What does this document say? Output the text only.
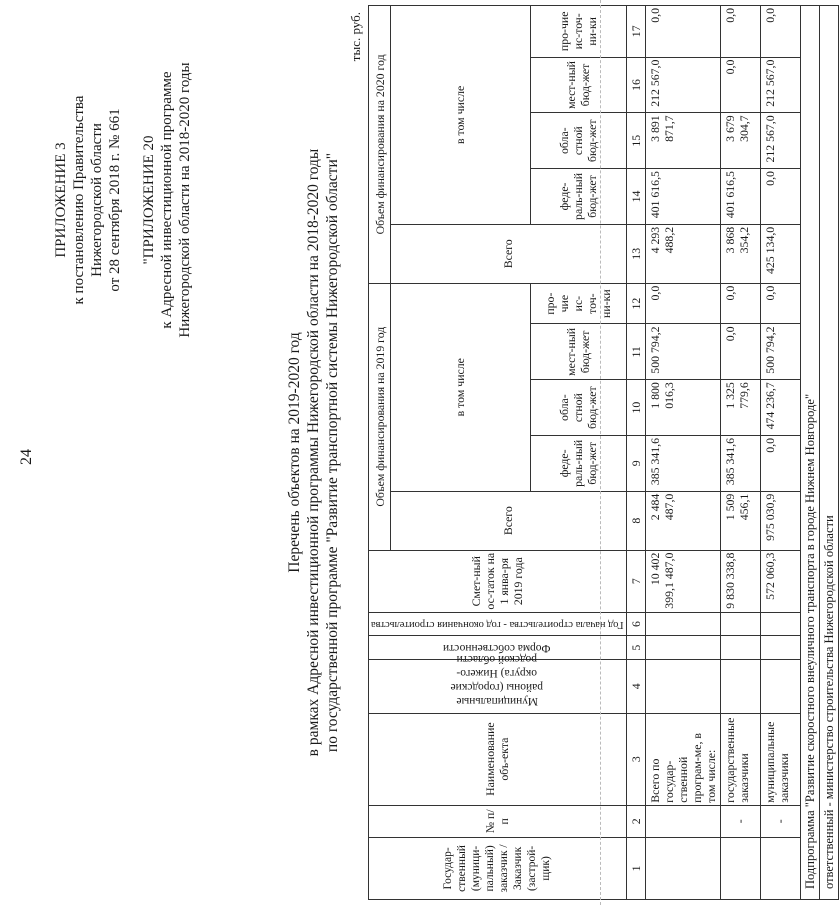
24
ПРИЛОЖЕНИЕ 3 к постановлению Правительства Нижегородской области от 28 сентября 2018 г. № 661 "ПРИЛОЖЕНИЕ 20 к Адресной инвестиционной программе Нижегородской области на 2018-2020 годы
Перечень объектов на 2019-2020 год в рамках Адресной инвестиционной программы Нижегородской области на 2018-2020 годы по государственной программе "Развитие транспортной системы Нижегородской области"
тыс. руб.
Государ-ственный (муници-пальный) заказчик / Заказчик (застрой-щик)	№ п/п	Наименование объ-екта	Муниципальные районы (городские округа) Нижего-родской области	Форма собственности	Год начала строительства - год окончания строительства	Смет-ный ос-таток на 1 янва-ря 2019 года	Объем финансирования на 2019 год					Объем финансирования на 2020 год				
							Всего	в том числе				Всего	в том числе			
								феде-раль-ный бюд-жет	обла-стной бюд-жет	мест-ный бюд-жет	про-чие ис-точ-ни-ки		феде-раль-ный бюд-жет	обла-стной бюд-жет	мест-ный бюд-жет	про-чие ис-точ-ни-ки
1	2	3	4	5	6	7	8	9	10	11	12	13	14	15	16	17
		Всего по государ-ственной програм-ме, в том числе:				10 402 399,1 487,0	2 484 487,0	385 341,6	1 800 016,3	500 794,2	0,0	4 293 488,2	401 616,5	3 891 871,7	212 567,0	0,0
	-	государственные заказчики				9 830 338,8	1 509 456,1	385 341,6	1 325 779,6	0,0	0,0	3 868 354,2	401 616,5	3 679 304,7	0,0	0,0
	-	муниципальные заказчики				572 060,3	975 030,9	0,0	474 236,7	500 794,2	0,0	425 134,0	0,0	212 567,0	212 567,0	0,0
Подпрограмма "Развитие скоростного внеуличного транспорта в городе Нижнем Новгороде"																
ответственный - министерство строительства Нижегородской области																
